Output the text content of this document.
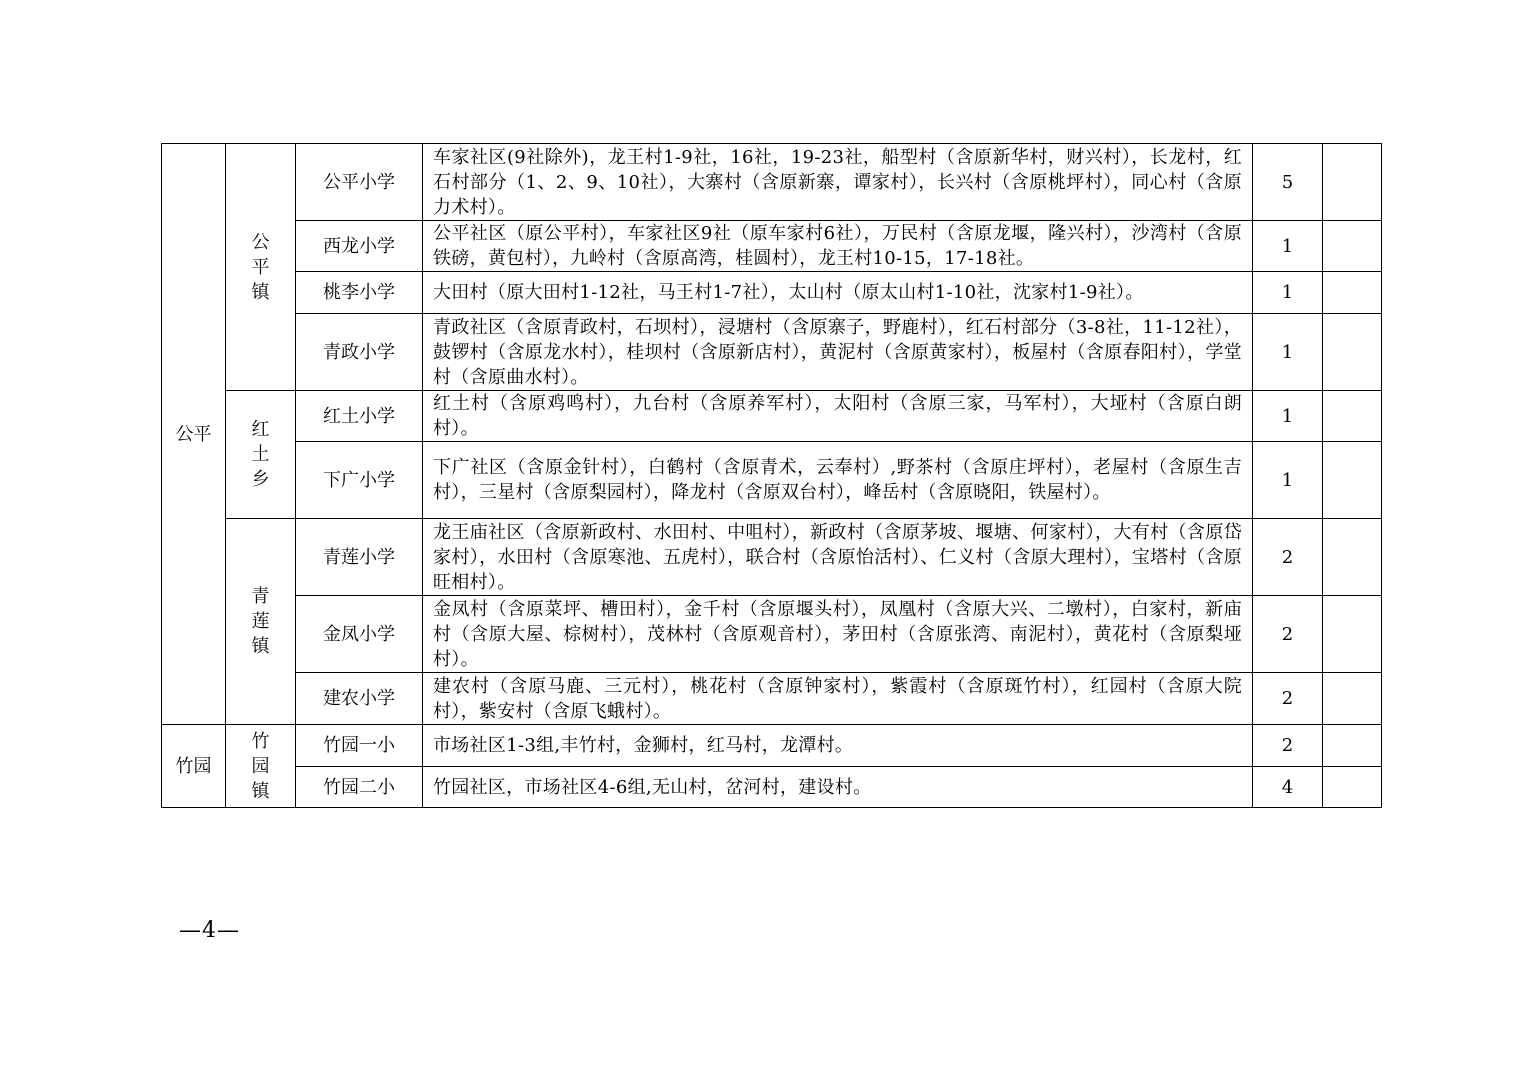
公平	公平镇	公平小学	车家社区(9社除外)，龙王村1-9社，16社，19-23社，船型村（含原新华村，财兴村），长龙村，红石村部分（1、2、9、10社），大寨村（含原新寨，谭家村），长兴村（含原桃坪村），同心村（含原力术村）。	5	
		西龙小学	公平社区（原公平村），车家社区9社（原车家村6社），万民村（含原龙堰，隆兴村），沙湾村（含原铁磅，黄包村），九岭村（含原高湾，桂圆村），龙王村10-15，17-18社。	1	
		桃李小学	大田村（原大田村1-12社，马王村1-7社），太山村（原太山村1-10社，沈家村1-9社）。	1	
		青政小学	青政社区（含原青政村，石坝村），浸塘村（含原寨子，野鹿村），红石村部分（3-8社，11-12社），鼓锣村（含原龙水村），桂坝村（含原新店村），黄泥村（含原黄家村），板屋村（含原春阳村），学堂村（含原曲水村）。	1	
	红土乡	红土小学	红土村（含原鸡鸣村），九台村（含原养军村），太阳村（含原三家，马军村），大垭村（含原白朗村）。	1	
		下广小学	下广社区（含原金针村），白鹤村（含原青术，云奉村）,野茶村（含原庄坪村），老屋村（含原生吉村），三星村（含原梨园村），降龙村（含原双台村），峰岳村（含原晓阳，铁屋村）。	1	
	青莲镇	青莲小学	龙王庙社区（含原新政村、水田村、中咀村），新政村（含原茅坡、堰塘、何家村），大有村（含原岱家村），水田村（含原寒池、五虎村），联合村（含原怡活村）、仁义村（含原大理村），宝塔村（含原旺相村）。	2	
		金凤小学	金凤村（含原菜坪、槽田村），金千村（含原堰头村），凤凰村（含原大兴、二墩村），白家村，新庙村（含原大屋、棕树村），茂林村（含原观音村），茅田村（含原张湾、南泥村），黄花村（含原梨垭村）。	2	
		建农小学	建农村（含原马鹿、三元村），桃花村（含原钟家村），紫霞村（含原斑竹村），红园村（含原大院村），紫安村（含原飞蛾村）。	2	
竹园	竹园镇	竹园一小	市场社区1-3组,丰竹村，金狮村，红马村，龙潭村。	2	
		竹园二小	竹园社区，市场社区4-6组,无山村，岔河村，建设村。	4	
—4—
